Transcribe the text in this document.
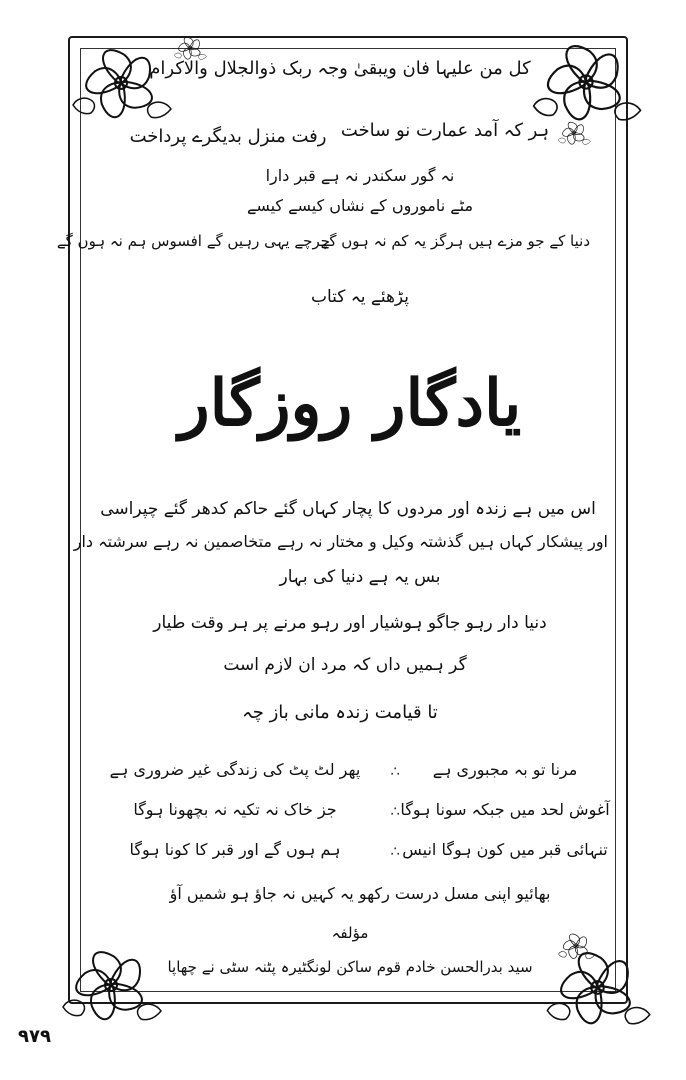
کل من علیہا فان ویبقیٰ وجہ ربک ذوالجلال والاکرام
رفت منزل بدیگرے پرداخت ہر کہ آمد عمارت نو ساخت
نہ گور سکندر نہ ہے قبر دارا
مٹے ناموروں کے نشاں کیسے کیسے
دنیا کے جو مزے ہیں ہرگز یہ کم نہ ہوں گے
چرچے یہی رہیں گے افسوس ہم نہ ہوں گے
پڑھئے یہ کتاب
یادگار روزگار
اس میں ہے زندہ اور مردوں کا پچار کہاں گئے حاکم کدھر گئے چپراسی
اور پیشکار کہاں ہیں گذشتہ وکیل و مختار نہ رہے متخاصمین نہ رہے سرشتہ دار
بس یہ ہے دنیا کی بہار
دنیا دار رہو جاگو ہوشیار اور رہو مرنے پر ہر وقت طیار
گر ہمیں داں کہ مرد ان لازم است
تا قیامت زندہ مانی باز چہ
مرنا تو بہ مجبوری ہے
∴
پھر لٹ پٹ کی زندگی غیر ضروری ہے
آغوش لحد میں جبکہ سونا ہوگا
∴
جز خاک نہ تکیہ نہ بچھونا ہوگا
تنہائی قبر میں کون ہوگا انیس
∴
ہم ہوں گے اور قبر کا کونا ہوگا
بھائیو اپنی مسل درست رکھو یہ کہیں نہ جاؤ ہو شمیں آؤ
مؤلفہ
سید بدرالحسن خادم قوم ساکن لونگٹیرہ پٹنہ سٹی نے چھاپا
۹۷۹
